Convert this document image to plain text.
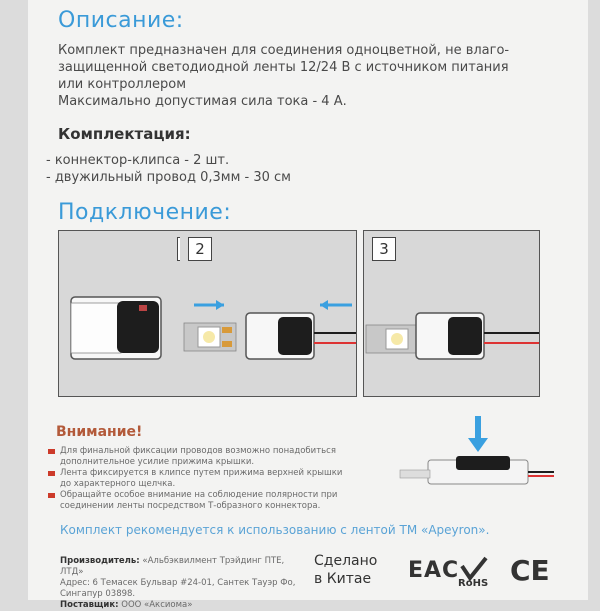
Описание:
Комплект предназначен для соединения одноцветной, не влаго-
защищенной светодиодной ленты 12/24 В с источником питания
или контроллером
Максимально допустимая сила тока - 4 А.
Комплектация:
- коннектор-клипса - 2 шт.
- двужильный провод 0,3мм - 30 см
Подключение:
2	3
Внимание!
Для финальной фиксации проводов возможно понадобиться
дополнительное усилие прижима крышки.
Лента фиксируется в клипсе путем прижима верхней крышки
до характерного щелчка.
Обращайте особое внимание на соблюдение полярности при
соединении ленты посредством Т-образного коннектора.
Комплект рекомендуется к использованию с лентой ТМ «Apeyron».
Производитель: «Альбэквилмент Трэйдинг ПТЕ, ЛТД»
Адрес: 6 Темасек Бульвар #24-01, Сантек Тауэр Фо,
Сингапур 03898.
Поставщик: ООО «Аксиома»
Сделано
в Китае EAC
RoHS CE
